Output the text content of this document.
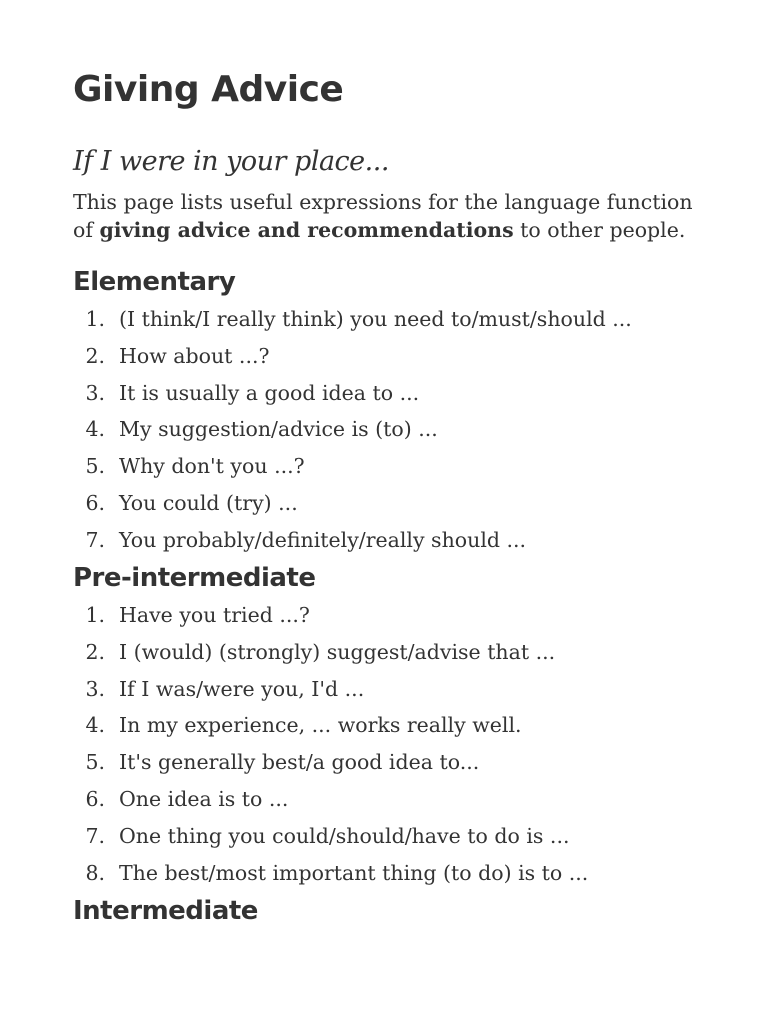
Giving Advice
If I were in your place...

This page lists useful expressions for the language function of giving advice and recommendations to other people.

Elementary
1. (I think/I really think) you need to/must/should ...
2. How about ...?
3. It is usually a good idea to ...
4. My suggestion/advice is (to) ...
5. Why don't you ...?
6. You could (try) ...
7. You probably/definitely/really should ...
Pre-intermediate
1. Have you tried ...?
2. I (would) (strongly) suggest/advise that ...
3. If I was/were you, I'd ...
4. In my experience, ... works really well.
5. It's generally best/a good idea to...
6. One idea is to ...
7. One thing you could/should/have to do is ...
8. The best/most important thing (to do) is to ...
Intermediate
